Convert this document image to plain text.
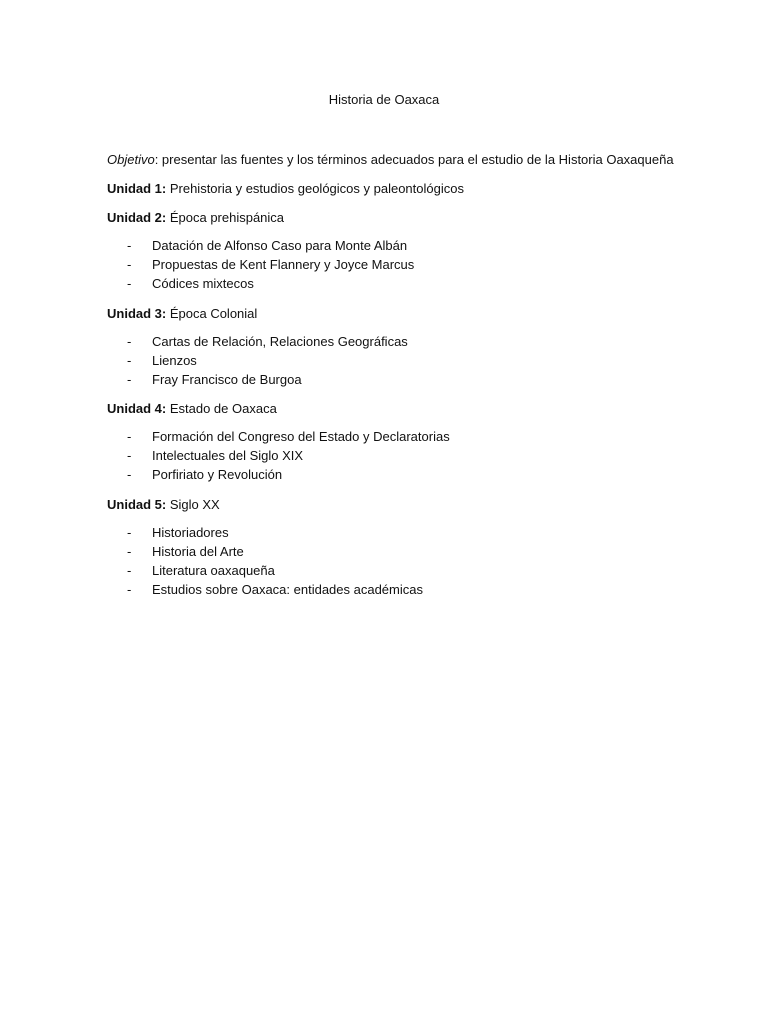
Historia de Oaxaca
Objetivo: presentar las fuentes y los términos adecuados para el estudio de la Historia Oaxaqueña
Unidad 1: Prehistoria y estudios geológicos y paleontológicos
Unidad 2: Época prehispánica
- Datación de Alfonso Caso para Monte Albán
- Propuestas de Kent Flannery y Joyce Marcus
- Códices mixtecos
Unidad 3: Época Colonial
- Cartas de Relación, Relaciones Geográficas
- Lienzos
- Fray Francisco de Burgoa
Unidad 4: Estado de Oaxaca
- Formación del Congreso del Estado y Declaratorias
- Intelectuales del Siglo XIX
- Porfiriato y Revolución
Unidad 5: Siglo XX
- Historiadores
- Historia del Arte
- Literatura oaxaqueña
- Estudios sobre Oaxaca: entidades académicas
